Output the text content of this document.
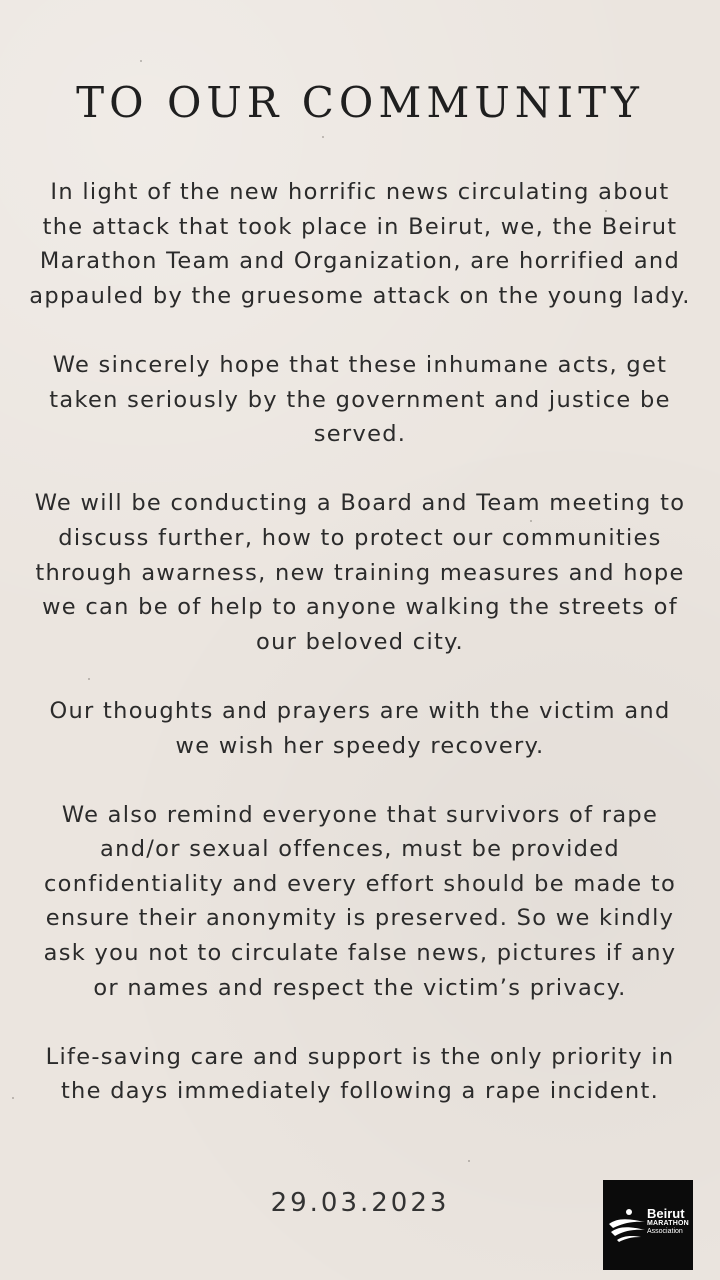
TO OUR COMMUNITY

In light of the new horrific news circulating about the attack that took place in Beirut, we, the Beirut Marathon Team and Organization, are horrified and appauled by the gruesome attack on the young lady.

We sincerely hope that these inhumane acts, get taken seriously by the government and justice be served.

We will be conducting a Board and Team meeting to discuss further, how to protect our communities through awarness, new training measures and hope we can be of help to anyone walking the streets of our beloved city.

Our thoughts and prayers are with the victim and we wish her speedy recovery.

We also remind everyone that survivors of rape and/or sexual offences, must be provided confidentiality and every effort should be made to ensure their anonymity is preserved. So we kindly ask you not to circulate false news, pictures if any or names and respect the victim’s privacy.

Life-saving care and support is the only priority in the days immediately following a rape incident.

29.03.2023	Beirut
MARATHON
Association
